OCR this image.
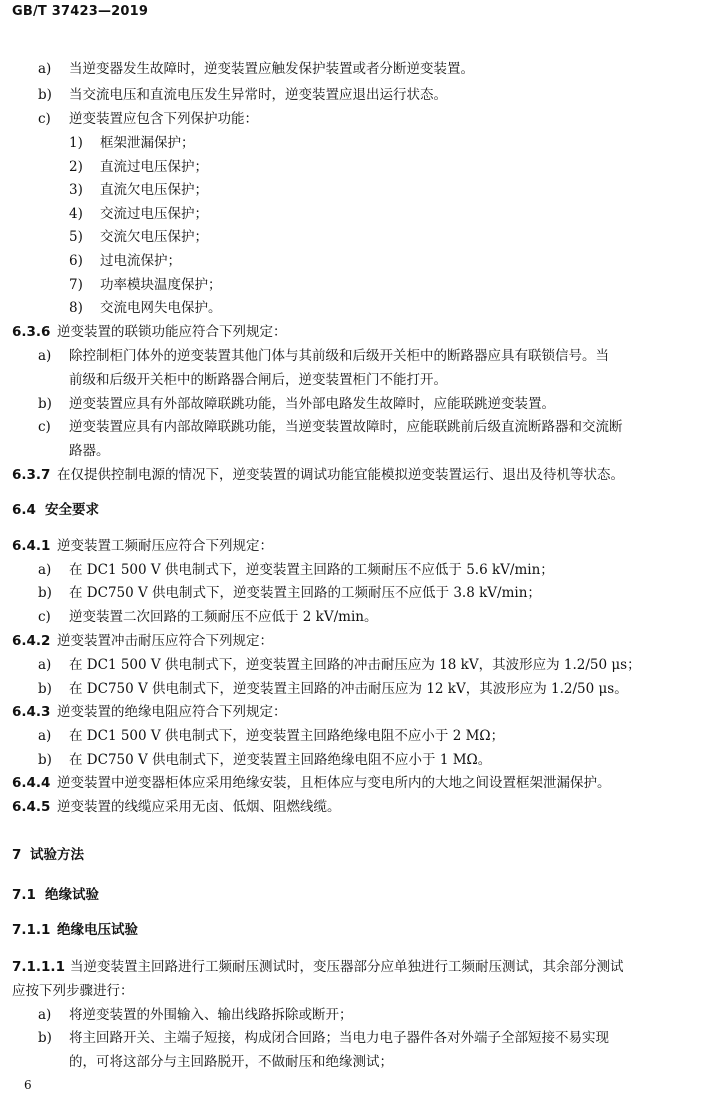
GB/T 37423—2019
a) 当逆变器发生故障时，逆变装置应触发保护装置或者分断逆变装置。
b) 当交流电压和直流电压发生异常时，逆变装置应退出运行状态。
c) 逆变装置应包含下列保护功能：
1) 框架泄漏保护；
2) 直流过电压保护；
3) 直流欠电压保护；
4) 交流过电压保护；
5) 交流欠电压保护；
6) 过电流保护；
7) 功率模块温度保护；
8) 交流电网失电保护。
6.3.6 逆变装置的联锁功能应符合下列规定：
a) 除控制柜门体外的逆变装置其他门体与其前级和后级开关柜中的断路器应具有联锁信号。当
前级和后级开关柜中的断路器合闸后，逆变装置柜门不能打开。
b) 逆变装置应具有外部故障联跳功能，当外部电路发生故障时，应能联跳逆变装置。
c) 逆变装置应具有内部故障联跳功能，当逆变装置故障时，应能联跳前后级直流断路器和交流断
路器。
6.3.7 在仅提供控制电源的情况下，逆变装置的调试功能宜能模拟逆变装置运行、退出及待机等状态。
6.4 安全要求
6.4.1 逆变装置工频耐压应符合下列规定：
a) 在 DC1 500 V 供电制式下，逆变装置主回路的工频耐压不应低于 5.6 kV/min；
b) 在 DC750 V 供电制式下，逆变装置主回路的工频耐压不应低于 3.8 kV/min；
c) 逆变装置二次回路的工频耐压不应低于 2 kV/min。
6.4.2 逆变装置冲击耐压应符合下列规定：
a) 在 DC1 500 V 供电制式下，逆变装置主回路的冲击耐压应为 18 kV，其波形应为 1.2/50 μs；
b) 在 DC750 V 供电制式下，逆变装置主回路的冲击耐压应为 12 kV，其波形应为 1.2/50 μs。
6.4.3 逆变装置的绝缘电阻应符合下列规定：
a) 在 DC1 500 V 供电制式下，逆变装置主回路绝缘电阻不应小于 2 MΩ；
b) 在 DC750 V 供电制式下，逆变装置主回路绝缘电阻不应小于 1 MΩ。
6.4.4 逆变装置中逆变器柜体应采用绝缘安装，且柜体应与变电所内的大地之间设置框架泄漏保护。
6.4.5 逆变装置的线缆应采用无卤、低烟、阻燃线缆。
7 试验方法
7.1 绝缘试验
7.1.1 绝缘电压试验
7.1.1.1 当逆变装置主回路进行工频耐压测试时，变压器部分应单独进行工频耐压测试，其余部分测试
应按下列步骤进行：
a) 将逆变装置的外围输入、输出线路拆除或断开；
b) 将主回路开关、主端子短接，构成闭合回路；当电力电子器件各对外端子全部短接不易实现
的，可将这部分与主回路脱开，不做耐压和绝缘测试；
6
